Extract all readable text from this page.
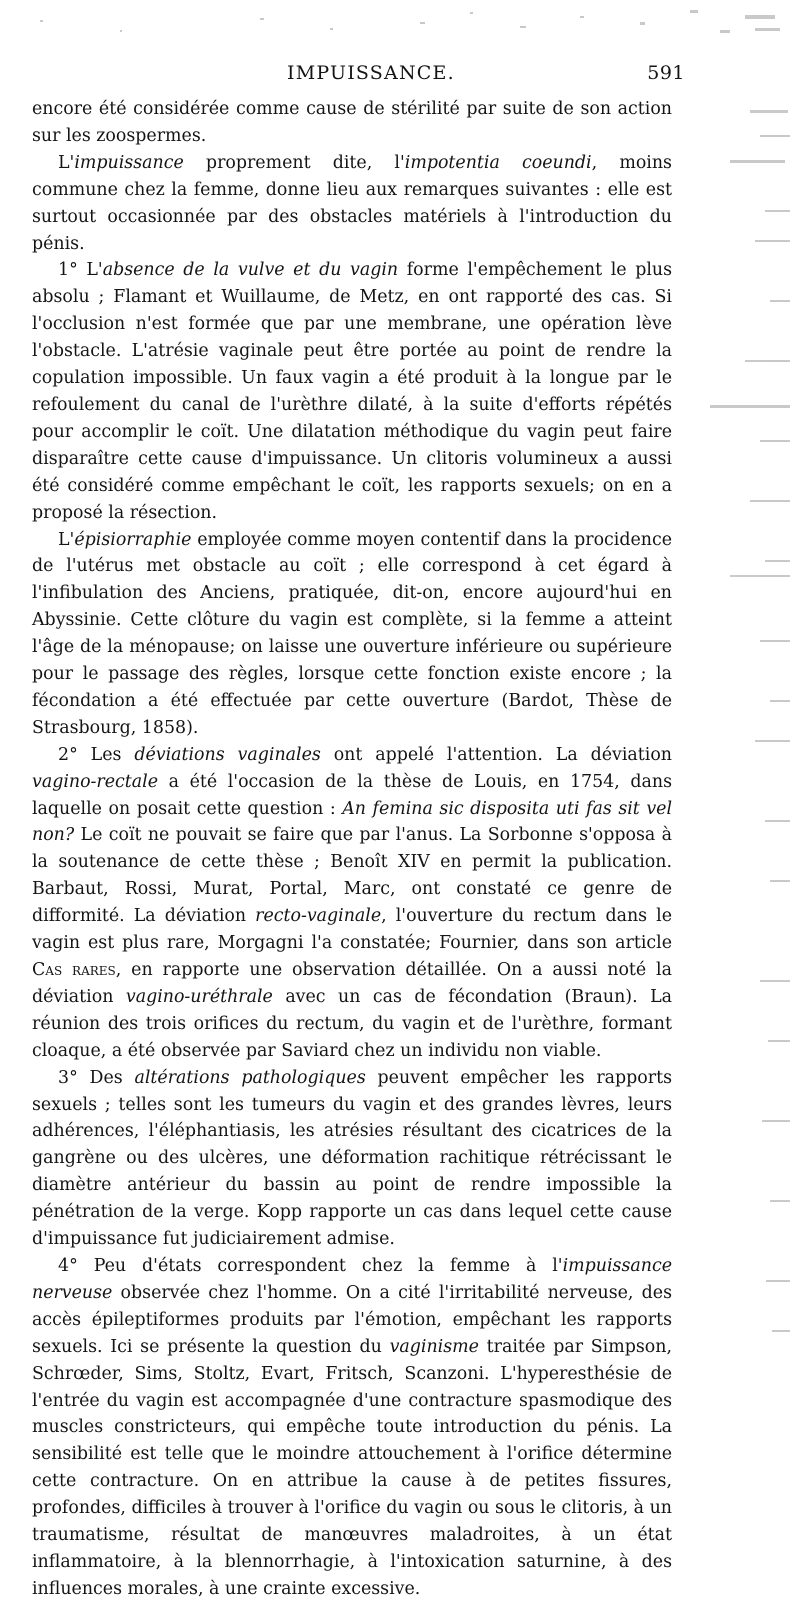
IMPUISSANCE.	591

encore été considérée comme cause de stérilité par suite de son action sur les zoospermes.

L'impuissance proprement dite, l'impotentia coeundi, moins commune chez la femme, donne lieu aux remarques suivantes : elle est surtout occasionnée par des obstacles matériels à l'introduction du pénis.

1° L'absence de la vulve et du vagin forme l'empêchement le plus absolu ; Flamant et Wuillaume, de Metz, en ont rapporté des cas. Si l'occlusion n'est formée que par une membrane, une opération lève l'obstacle. L'atrésie vaginale peut être portée au point de rendre la copulation impossible. Un faux vagin a été produit à la longue par le refoulement du canal de l'urèthre dilaté, à la suite d'efforts répétés pour accomplir le coït. Une dilatation méthodique du vagin peut faire disparaître cette cause d'impuissance. Un clitoris volumineux a aussi été considéré comme empêchant le coït, les rapports sexuels; on en a proposé la résection.

L'épisiorraphie employée comme moyen contentif dans la procidence de l'utérus met obstacle au coït ; elle correspond à cet égard à l'infibulation des Anciens, pratiquée, dit-on, encore aujourd'hui en Abyssinie. Cette clôture du vagin est complète, si la femme a atteint l'âge de la ménopause; on laisse une ouverture inférieure ou supérieure pour le passage des règles, lorsque cette fonction existe encore ; la fécondation a été effectuée par cette ouverture (Bardot, Thèse de Strasbourg, 1858).

2° Les déviations vaginales ont appelé l'attention. La déviation vagino-rectale a été l'occasion de la thèse de Louis, en 1754, dans laquelle on posait cette question : An femina sic disposita uti fas sit vel non? Le coït ne pouvait se faire que par l'anus. La Sorbonne s'opposa à la soutenance de cette thèse ; Benoît XIV en permit la publication. Barbaut, Rossi, Murat, Portal, Marc, ont constaté ce genre de difformité. La déviation recto-vaginale, l'ouverture du rectum dans le vagin est plus rare, Morgagni l'a constatée; Fournier, dans son article Cas rares, en rapporte une observation détaillée. On a aussi noté la déviation vagino-uréthrale avec un cas de fécondation (Braun). La réunion des trois orifices du rectum, du vagin et de l'urèthre, formant cloaque, a été observée par Saviard chez un individu non viable.

3° Des altérations pathologiques peuvent empêcher les rapports sexuels ; telles sont les tumeurs du vagin et des grandes lèvres, leurs adhérences, l'éléphantiasis, les atrésies résultant des cicatrices de la gangrène ou des ulcères, une déformation rachitique rétrécissant le diamètre antérieur du bassin au point de rendre impossible la pénétration de la verge. Kopp rapporte un cas dans lequel cette cause d'impuissance fut judiciairement admise.

4° Peu d'états correspondent chez la femme à l'impuissance nerveuse observée chez l'homme. On a cité l'irritabilité nerveuse, des accès épileptiformes produits par l'émotion, empêchant les rapports sexuels. Ici se présente la question du vaginisme traitée par Simpson, Schrœder, Sims, Stoltz, Evart, Fritsch, Scanzoni. L'hyperesthésie de l'entrée du vagin est accompagnée d'une contracture spasmodique des muscles constricteurs, qui empêche toute introduction du pénis. La sensibilité est telle que le moindre attouchement à l'orifice détermine cette contracture. On en attribue la cause à de petites fissures, profondes, difficiles à trouver à l'orifice du vagin ou sous le clitoris, à un traumatisme, résultat de manœuvres maladroites, à un état inflammatoire, à la blennorrhagie, à l'intoxication saturnine, à des influences morales, à une crainte excessive.
